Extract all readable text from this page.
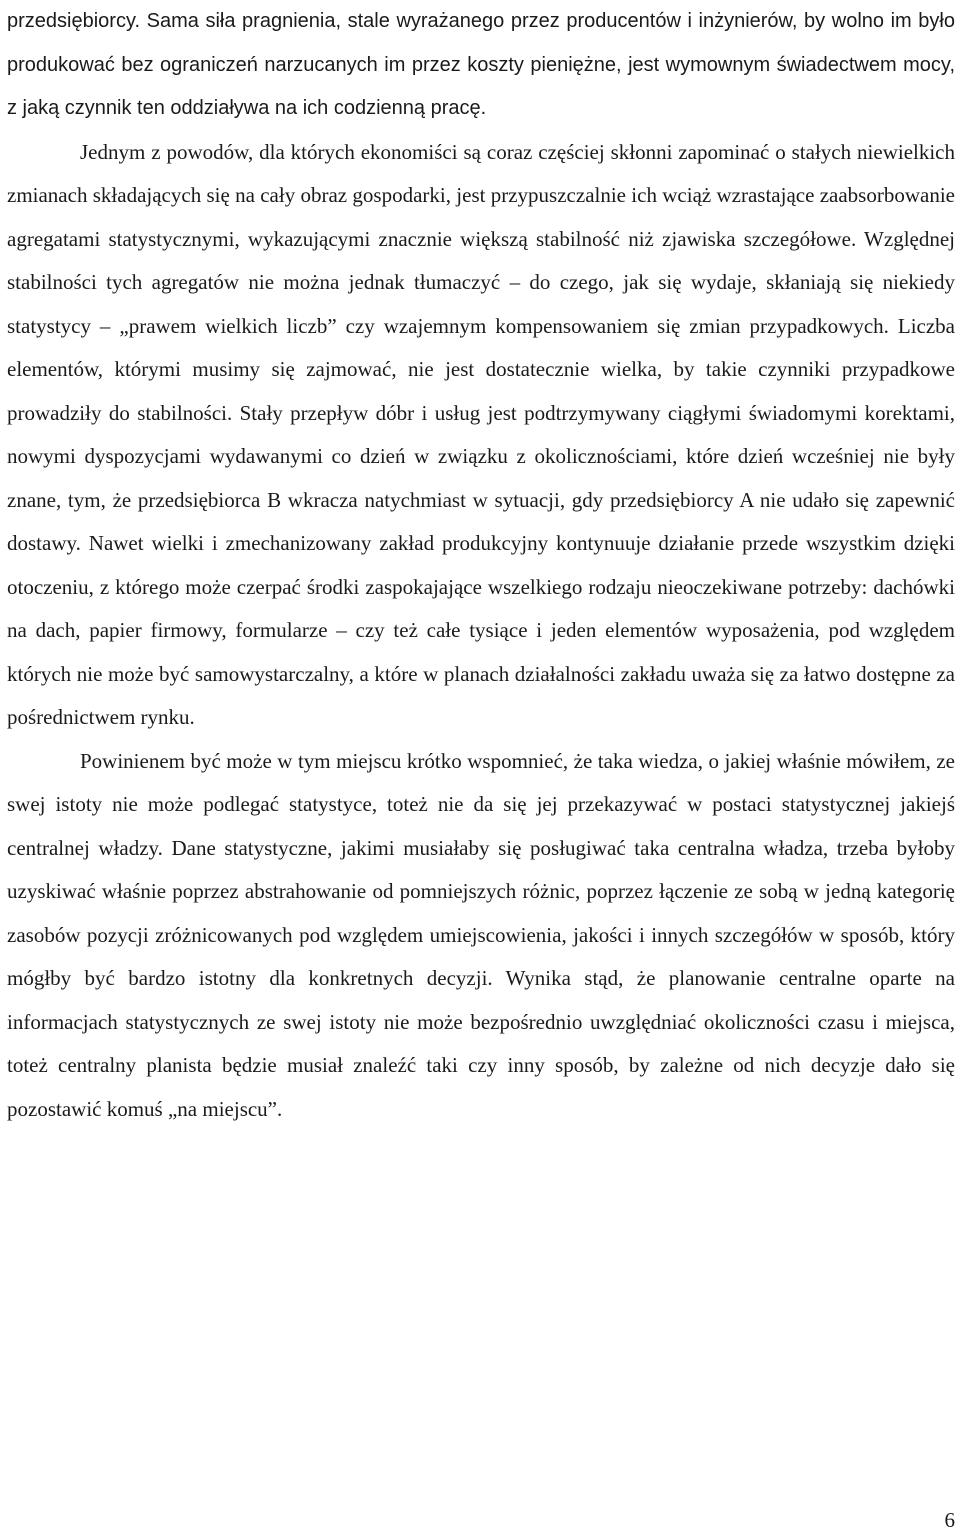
przedsiębiorcy. Sama siła pragnienia, stale wyrażanego przez producentów i inżynierów, by wolno im było produkować bez ograniczeń narzucanych im przez koszty pieniężne, jest wymownym świadectwem mocy, z jaką czynnik ten oddziaływa na ich codzienną pracę.

Jednym z powodów, dla których ekonomiści są coraz częściej skłonni zapominać o stałych niewielkich zmianach składających się na cały obraz gospodarki, jest przypuszczalnie ich wciąż wzrastające zaabsorbowanie agregatami statystycznymi, wykazującymi znacznie większą stabilność niż zjawiska szczegółowe. Względnej stabilności tych agregatów nie można jednak tłumaczyć – do czego, jak się wydaje, skłaniają się niekiedy statystycy – „prawem wielkich liczb” czy wzajemnym kompensowaniem się zmian przypadkowych. Liczba elementów, którymi musimy się zajmować, nie jest dostatecznie wielka, by takie czynniki przypadkowe prowadziły do stabilności. Stały przepływ dóbr i usług jest podtrzymywany ciągłymi świadomymi korektami, nowymi dyspozycjami wydawanymi co dzień w związku z okolicznościami, które dzień wcześniej nie były znane, tym, że przedsiębiorca B wkracza natychmiast w sytuacji, gdy przedsiębiorcy A nie udało się zapewnić dostawy. Nawet wielki i zmechanizowany zakład produkcyjny kontynuuje działanie przede wszystkim dzięki otoczeniu, z którego może czerpać środki zaspokajające wszelkiego rodzaju nieoczekiwane potrzeby: dachówki na dach, papier firmowy, formularze – czy też całe tysiące i jeden elementów wyposażenia, pod względem których nie może być samowystarczalny, a które w planach działalności zakładu uważa się za łatwo dostępne za pośrednictwem rynku.

Powinienem być może w tym miejscu krótko wspomnieć, że taka wiedza, o jakiej właśnie mówiłem, ze swej istoty nie może podlegać statystyce, toteż nie da się jej przekazywać w postaci statystycznej jakiejś centralnej władzy. Dane statystyczne, jakimi musiałaby się posługiwać taka centralna władza, trzeba byłoby uzyskiwać właśnie poprzez abstrahowanie od pomniejszych różnic, poprzez łączenie ze sobą w jedną kategorię zasobów pozycji zróżnicowanych pod względem umiejscowienia, jakości i innych szczegółów w sposób, który mógłby być bardzo istotny dla konkretnych decyzji. Wynika stąd, że planowanie centralne oparte na informacjach statystycznych ze swej istoty nie może bezpośrednio uwzględniać okoliczności czasu i miejsca, toteż centralny planista będzie musiał znaleźć taki czy inny sposób, by zależne od nich decyzje dało się pozostawić komuś „na miejscu”.

6
